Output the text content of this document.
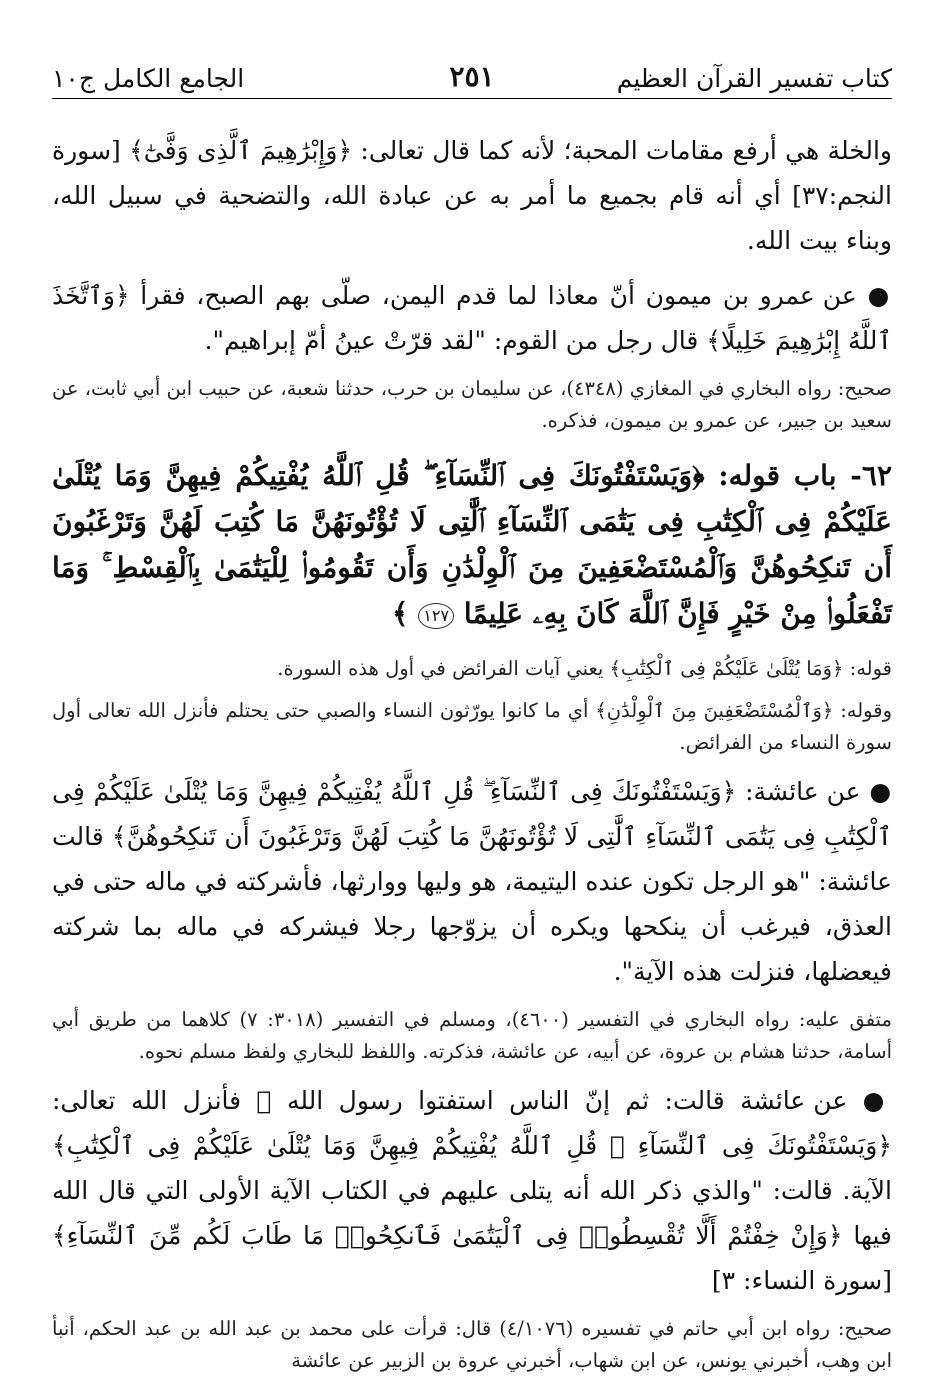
كتاب تفسير القرآن العظيم
٢٥١
الجامع الكامل ج١٠

والخلة هي أرفع مقامات المحبة؛ لأنه كما قال تعالى: ﴿وَإِبْرَٰهِيمَ ٱلَّذِى وَفَّىٰٓ﴾ [سورة النجم:٣٧] أي أنه قام بجميع ما أمر به عن عبادة الله، والتضحية في سبيل الله، وبناء بيت الله.

● عن عمرو بن ميمون أنّ معاذا لما قدم اليمن، صلّى بهم الصبح، فقرأ ﴿وَٱتَّخَذَ ٱللَّهُ إِبْرَٰهِيمَ خَلِيلًا﴾ قال رجل من القوم: "لقد قرّتْ عينُ أمّ إبراهيم".

صحيح: رواه البخاري في المغازي (٤٣٤٨)، عن سليمان بن حرب، حدثنا شعبة، عن حبيب ابن أبي ثابت، عن سعيد بن جبير، عن عمرو بن ميمون، فذكره.

٦٢- باب قوله: ﴿وَيَسْتَفْتُونَكَ فِى ٱلنِّسَآءِ ۖ قُلِ ٱللَّهُ يُفْتِيكُمْ فِيهِنَّ وَمَا يُتْلَىٰ عَلَيْكُمْ فِى ٱلْكِتَٰبِ فِى يَتَٰمَى ٱلنِّسَآءِ ٱلَّٰتِى لَا تُؤْتُونَهُنَّ مَا كُتِبَ لَهُنَّ وَتَرْغَبُونَ أَن تَنكِحُوهُنَّ وَٱلْمُسْتَضْعَفِينَ مِنَ ٱلْوِلْدَٰنِ وَأَن تَقُومُوا۟ لِلْيَتَٰمَىٰ بِٱلْقِسْطِ ۚ وَمَا تَفْعَلُوا۟ مِنْ خَيْرٍ فَإِنَّ ٱللَّهَ كَانَ بِهِۦ عَلِيمًا ١٢٧ ﴾

قوله: ﴿وَمَا يُتْلَىٰ عَلَيْكُمْ فِى ٱلْكِتَٰبِ﴾ يعني آيات الفرائض في أول هذه السورة.

وقوله: ﴿وَٱلْمُسْتَضْعَفِينَ مِنَ ٱلْوِلْدَٰنِ﴾ أي ما كانوا يورّثون النساء والصبي حتى يحتلم فأنزل الله تعالى أول سورة النساء من الفرائض.

● عن عائشة: ﴿وَيَسْتَفْتُونَكَ فِى ٱلنِّسَآءِ ۖ قُلِ ٱللَّهُ يُفْتِيكُمْ فِيهِنَّ وَمَا يُتْلَىٰ عَلَيْكُمْ فِى ٱلْكِتَٰبِ فِى يَتَٰمَى ٱلنِّسَآءِ ٱلَّٰتِى لَا تُؤْتُونَهُنَّ مَا كُتِبَ لَهُنَّ وَتَرْغَبُونَ أَن تَنكِحُوهُنَّ﴾ قالت عائشة: "هو الرجل تكون عنده اليتيمة، هو وليها ووارثها، فأشركته في ماله حتى في العذق، فيرغب أن ينكحها ويكره أن يزوّجها رجلا فيشركه في ماله بما شركته فيعضلها، فنزلت هذه الآية".

متفق عليه: رواه البخاري في التفسير (٤٦٠٠)، ومسلم في التفسير (٣٠١٨: ٧) كلاهما من طريق أبي أسامة، حدثنا هشام بن عروة، عن أبيه، عن عائشة، فذكرته. واللفظ للبخاري ولفظ مسلم نحوه.

● عن عائشة قالت: ثم إنّ الناس استفتوا رسول الله ﷺ فأنزل الله تعالى: ﴿وَيَسْتَفْتُونَكَ فِى ٱلنِّسَآءِ ۖ قُلِ ٱللَّهُ يُفْتِيكُمْ فِيهِنَّ وَمَا يُتْلَىٰ عَلَيْكُمْ فِى ٱلْكِتَٰبِ﴾ الآية. قالت: "والذي ذكر الله أنه يتلى عليهم في الكتاب الآية الأولى التي قال الله فيها ﴿وَإِنْ خِفْتُمْ أَلَّا تُقْسِطُوا۟ فِى ٱلْيَتَٰمَىٰ فَٱنكِحُوا۟ مَا طَابَ لَكُم مِّنَ ٱلنِّسَآءِ﴾ [سورة النساء: ٣]

صحيح: رواه ابن أبي حاتم في تفسيره (٤/١٠٧٦) قال: قرأت على محمد بن عبد الله بن عبد الحكم، أنبأ ابن وهب، أخبرني يونس، عن ابن شهاب، أخبرني عروة بن الزبير عن عائشة
